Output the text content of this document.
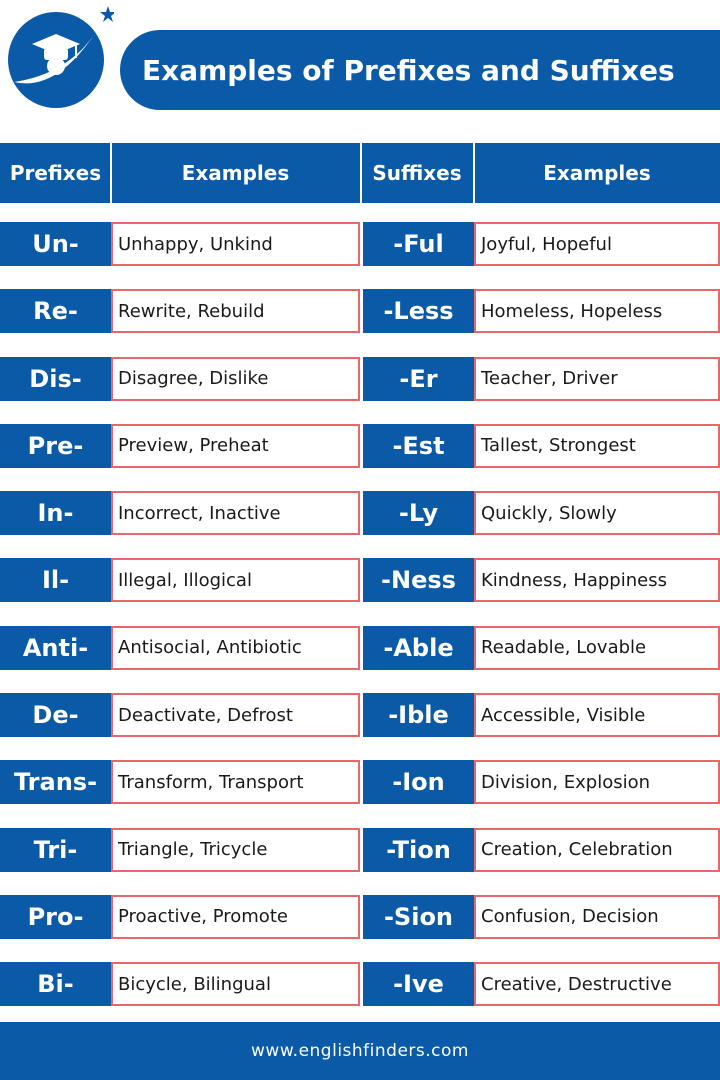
Examples of Prefixes and Suffixes
Prefixes	Examples	Suffixes	Examples
Un-	Unhappy, Unkind	-Ful	Joyful, Hopeful
Re-	Rewrite, Rebuild	-Less	Homeless, Hopeless
Dis-	Disagree, Dislike	-Er	Teacher, Driver
Pre-	Preview, Preheat	-Est	Tallest, Strongest
In-	Incorrect, Inactive	-Ly	Quickly, Slowly
Il-	Illegal, Illogical	-Ness	Kindness, Happiness
Anti-	Antisocial, Antibiotic	-Able	Readable, Lovable
De-	Deactivate, Defrost	-Ible	Accessible, Visible
Trans-	Transform, Transport	-Ion	Division, Explosion
Tri-	Triangle, Tricycle	-Tion	Creation, Celebration
Pro-	Proactive, Promote	-Sion	Confusion, Decision
Bi-	Bicycle, Bilingual	-Ive	Creative, Destructive
www.englishfinders.com
